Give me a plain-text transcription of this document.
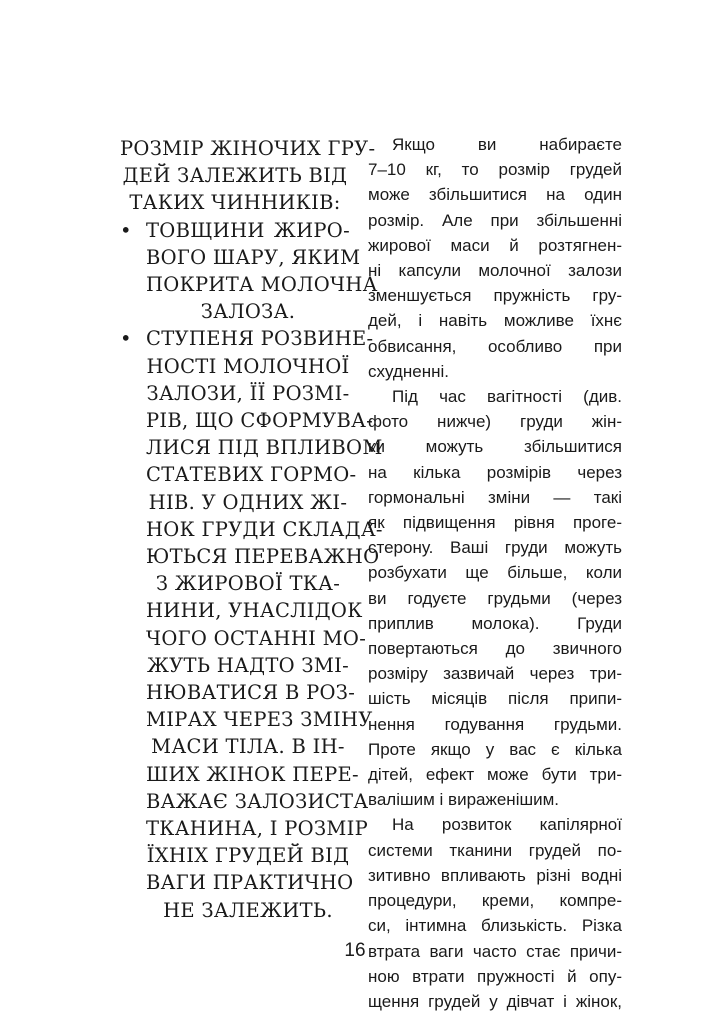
РОЗМІР ЖІНОЧИХ ГРУ-
ДЕЙ ЗАЛЕЖИТЬ ВІД
ТАКИХ ЧИННИКІВ:
• ТОВЩИНИ ЖИРО-
ВОГО ШАРУ, ЯКИМ
ПОКРИТА МОЛОЧНА
ЗАЛОЗА.
• СТУПЕНЯ РОЗВИНЕ-
НОСТІ МОЛОЧНОЇ
ЗАЛОЗИ, ЇЇ РОЗМІ-
РІВ, ЩО СФОРМУВА-
ЛИСЯ ПІД ВПЛИВОМ
СТАТЕВИХ ГОРМО-
НІВ. У ОДНИХ ЖІ-
НОК ГРУДИ СКЛАДА-
ЮТЬСЯ ПЕРЕВАЖНО
З ЖИРОВОЇ ТКА-
НИНИ, УНАСЛІДОК
ЧОГО ОСТАННІ МО-
ЖУТЬ НАДТО ЗМІ-
НЮВАТИСЯ В РОЗ-
МІРАХ ЧЕРЕЗ ЗМІНУ
МАСИ ТІЛА. В ІН-
ШИХ ЖІНОК ПЕРЕ-
ВАЖАЄ ЗАЛОЗИСТА
ТКАНИНА, І РОЗМІР
ЇХНІХ ГРУДЕЙ ВІД
ВАГИ ПРАКТИЧНО
НЕ ЗАЛЕЖИТЬ.
Якщо ви набираєте
7–10 кг, то розмір грудей
може збільшитися на один
розмір. Але при збільшенні
жирової маси й розтягнен-
ні капсули молочної залози
зменшується пружність гру-
дей, і навіть можливе їхнє
обвисання, особливо при
схудненні.
Під час вагітності (див.
фото нижче) груди жін-
ки можуть збільшитися
на кілька розмірів через
гормональні зміни — такі
як підвищення рівня проге-
стерону. Ваші груди можуть
розбухати ще більше, коли
ви годуєте грудьми (через
приплив молока). Груди
повертаються до звичного
розміру зазвичай через три-
шість місяців після припи-
нення годування грудьми.
Проте якщо у вас є кілька
дітей, ефект може бути три-
валішим і вираженішим.
На розвиток капілярної
системи тканини грудей по-
зитивно впливають різні водні
процедури, креми, компре-
си, інтимна близькість. Різка
втрата ваги часто стає причи-
ною втрати пружності й опу-
щення грудей у дівчат і жінок,
16
